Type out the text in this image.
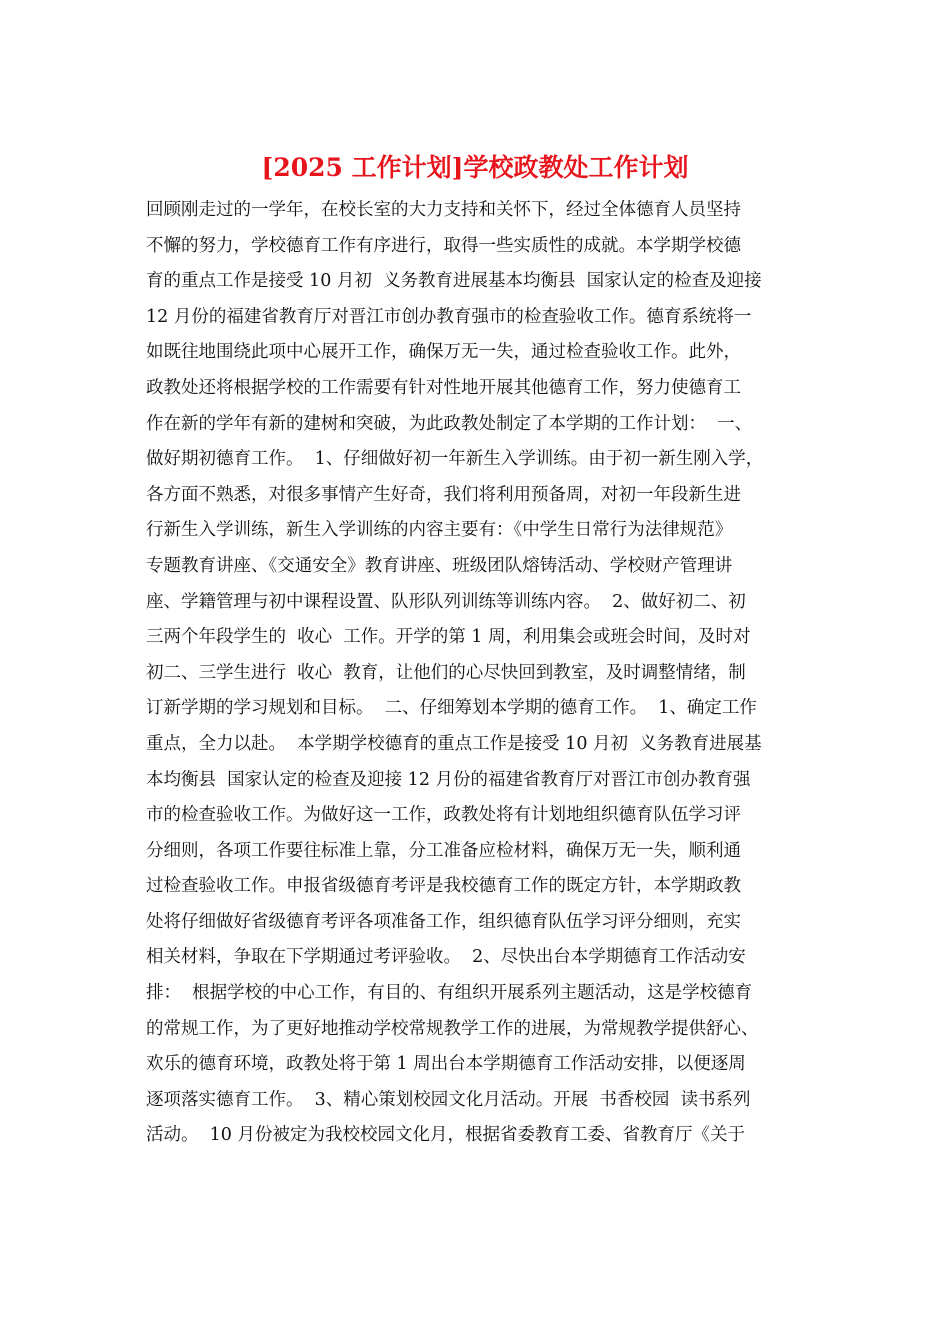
[2025 工作计划]学校政教处工作计划
回顾刚走过的一学年，在校长室的大力支持和关怀下，经过全体德育人员坚持
不懈的努力，学校德育工作有序进行，取得一些实质性的成就。本学期学校德
育的重点工作是接受 10 月初  义务教育进展基本均衡县  国家认定的检查及迎接
12 月份的福建省教育厅对晋江市创办教育强市的检查验收工作。德育系统将一
如既往地围绕此项中心展开工作，确保万无一失，通过检查验收工作。此外，
政教处还将根据学校的工作需要有针对性地开展其他德育工作，努力使德育工
作在新的学年有新的建树和突破，为此政教处制定了本学期的工作计划：  一、
做好期初德育工作。  1、仔细做好初一年新生入学训练。由于初一新生刚入学，
各方面不熟悉，对很多事情产生好奇，我们将利用预备周，对初一年段新生进
行新生入学训练，新生入学训练的内容主要有：《中学生日常行为法律规范》
专题教育讲座、《交通安全》教育讲座、班级团队熔铸活动、学校财产管理讲
座、学籍管理与初中课程设置、队形队列训练等训练内容。  2、做好初二、初
三两个年段学生的  收心  工作。开学的第 1 周，利用集会或班会时间，及时对
初二、三学生进行  收心  教育，让他们的心尽快回到教室，及时调整情绪，制
订新学期的学习规划和目标。  二、仔细筹划本学期的德育工作。  1、确定工作
重点，全力以赴。  本学期学校德育的重点工作是接受 10 月初  义务教育进展基
本均衡县  国家认定的检查及迎接 12 月份的福建省教育厅对晋江市创办教育强
市的检查验收工作。为做好这一工作，政教处将有计划地组织德育队伍学习评
分细则，各项工作要往标准上靠，分工准备应检材料，确保万无一失，顺利通
过检查验收工作。申报省级德育考评是我校德育工作的既定方针，本学期政教
处将仔细做好省级德育考评各项准备工作，组织德育队伍学习评分细则，充实
相关材料，争取在下学期通过考评验收。  2、尽快出台本学期德育工作活动安
排：  根据学校的中心工作，有目的、有组织开展系列主题活动，这是学校德育
的常规工作，为了更好地推动学校常规教学工作的进展，为常规教学提供舒心、
欢乐的德育环境，政教处将于第 1 周出台本学期德育工作活动安排，以便逐周
逐项落实德育工作。  3、精心策划校园文化月活动。开展  书香校园  读书系列
活动。  10 月份被定为我校校园文化月，根据省委教育工委、省教育厅《关于
